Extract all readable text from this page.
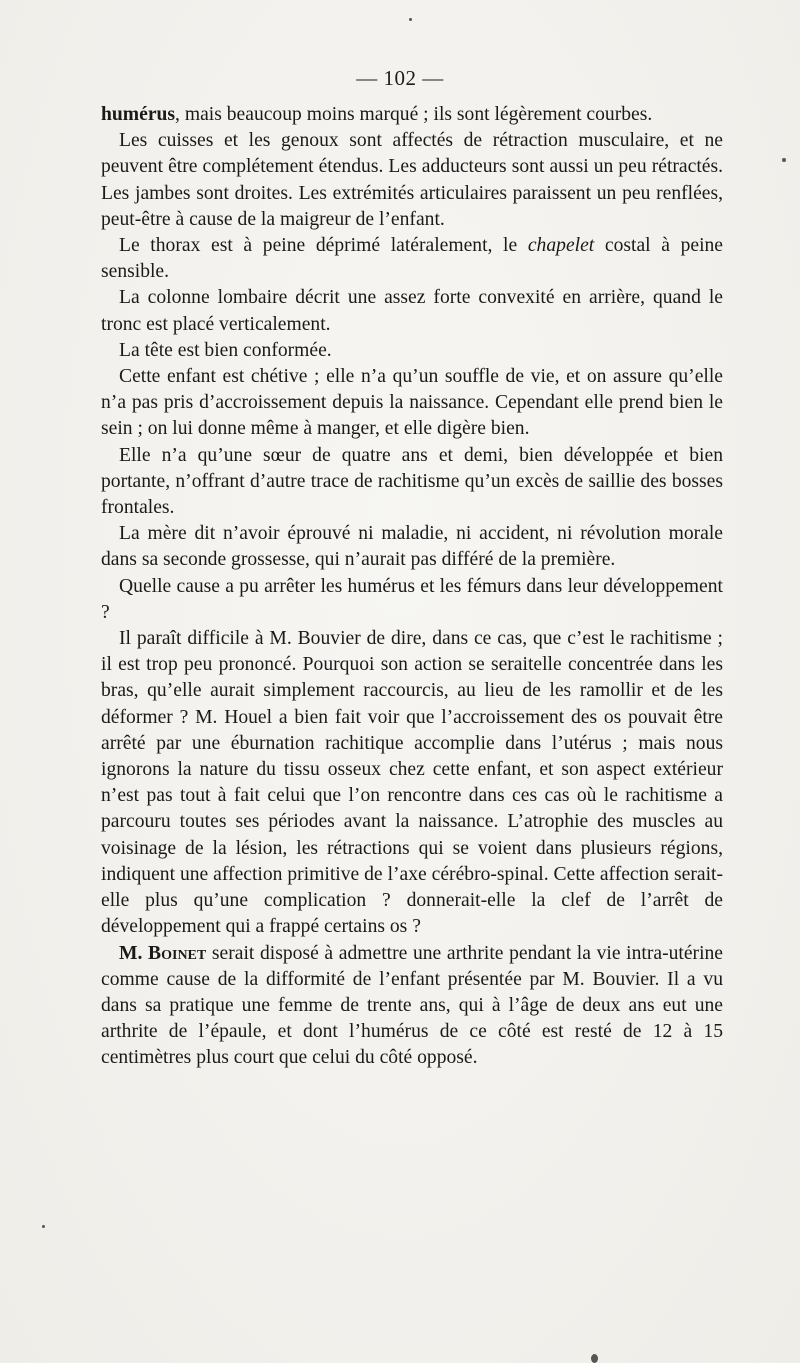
— 102 —

humérus, mais beaucoup moins marqué ; ils sont légèrement courbes.

Les cuisses et les genoux sont affectés de rétraction musculaire, et ne peuvent être complétement étendus. Les adducteurs sont aussi un peu rétractés. Les jambes sont droites. Les extrémités articulaires paraissent un peu renflées, peut-être à cause de la maigreur de l’enfant.

Le thorax est à peine déprimé latéralement, le chapelet costal à peine sensible.

La colonne lombaire décrit une assez forte convexité en arrière, quand le tronc est placé verticalement.

La tête est bien conformée.

Cette enfant est chétive ; elle n’a qu’un souffle de vie, et on assure qu’elle n’a pas pris d’accroissement depuis la naissance. Cependant elle prend bien le sein ; on lui donne même à manger, et elle digère bien.

Elle n’a qu’une sœur de quatre ans et demi, bien développée et bien portante, n’offrant d’autre trace de rachitisme qu’un excès de saillie des bosses frontales.

La mère dit n’avoir éprouvé ni maladie, ni accident, ni révolution morale dans sa seconde grossesse, qui n’aurait pas différé de la première.

Quelle cause a pu arrêter les humérus et les fémurs dans leur développement ?

Il paraît difficile à M. Bouvier de dire, dans ce cas, que c’est le rachitisme ; il est trop peu prononcé. Pourquoi son action se seraitelle concentrée dans les bras, qu’elle aurait simplement raccourcis, au lieu de les ramollir et de les déformer ? M. Houel a bien fait voir que l’accroissement des os pouvait être arrêté par une éburnation rachitique accomplie dans l’utérus ; mais nous ignorons la nature du tissu osseux chez cette enfant, et son aspect extérieur n’est pas tout à fait celui que l’on rencontre dans ces cas où le rachitisme a parcouru toutes ses périodes avant la naissance. L’atrophie des muscles au voisinage de la lésion, les rétractions qui se voient dans plusieurs régions, indiquent une affection primitive de l’axe cérébro-spinal. Cette affection serait-elle plus qu’une complication ? donnerait-elle la clef de l’arrêt de développement qui a frappé certains os ?

M. Boinet serait disposé à admettre une arthrite pendant la vie intra-utérine comme cause de la difformité de l’enfant présentée par M. Bouvier. Il a vu dans sa pratique une femme de trente ans, qui à l’âge de deux ans eut une arthrite de l’épaule, et dont l’humérus de ce côté est resté de 12 à 15 centimètres plus court que celui du côté opposé.
